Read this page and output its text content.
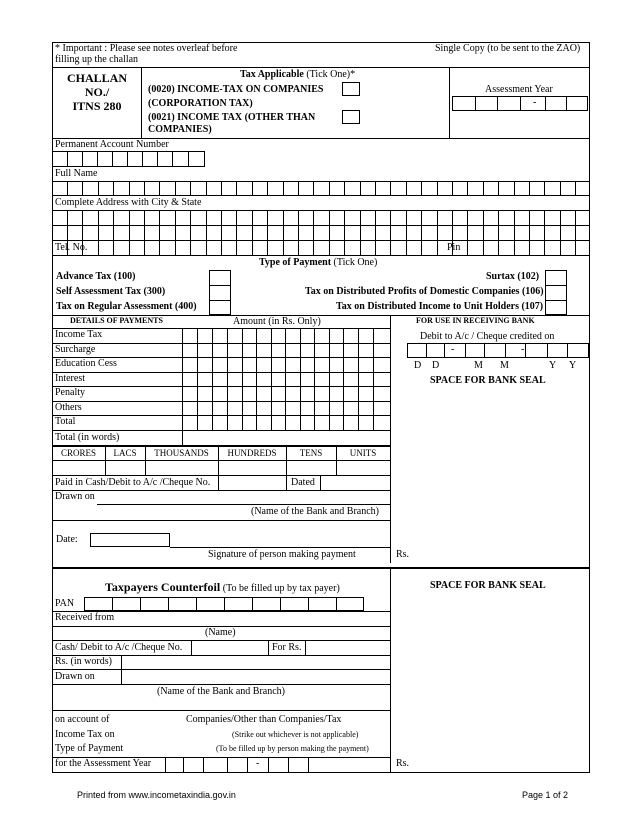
* Important : Please see notes overleaf before
filling up the challan
Single Copy (to be sent to the ZAO)
CHALLAN
NO./
ITNS 280
Tax Applicable (Tick One)*
(0020) INCOME-TAX ON COMPANIES
(CORPORATION TAX)
(0021) INCOME TAX (OTHER THAN
COMPANIES)
Assessment Year
-
Permanent Account Number
Full Name
Complete Address with City & State
Tel. No.	Pin
Type of Payment (Tick One)
Advance Tax (100)
Self Assessment Tax (300)
Tax on Regular Assessment (400)
Surtax (102)
Tax on Distributed Profits of Domestic Companies (106)
Tax on Distributed Income to Unit Holders (107)
DETAILS OF PAYMENTS	Amount (in Rs. Only)
Income Tax
Surcharge
Education Cess
Interest
Penalty
Others
Total
Total (in words)
CRORES	LACS	THOUSANDS	HUNDREDS	TENS	UNITS
Paid in Cash/Debit to A/c /Cheque No.	Dated
Drawn on
(Name of the Bank and Branch)
Date:
Signature of person making payment	Rs.
FOR USE IN RECEIVING BANK
Debit to A/c / Cheque credited on
-	-
D D	M M	Y Y
SPACE FOR BANK SEAL
Taxpayers Counterfoil (To be filled up by tax payer)	SPACE FOR BANK SEAL
PAN
Received from
(Name)
Cash/ Debit to A/c /Cheque No.	For Rs.
Rs. (in words)
Drawn on
(Name of the Bank and Branch)
on account of	Companies/Other than Companies/Tax
Income Tax on	(Strike out whichever is not applicable)
Type of Payment	(To be filled up by person making the payment)
for the Assessment Year	-	Rs.
Printed from www.incometaxindia.gov.in	Page 1 of 2
